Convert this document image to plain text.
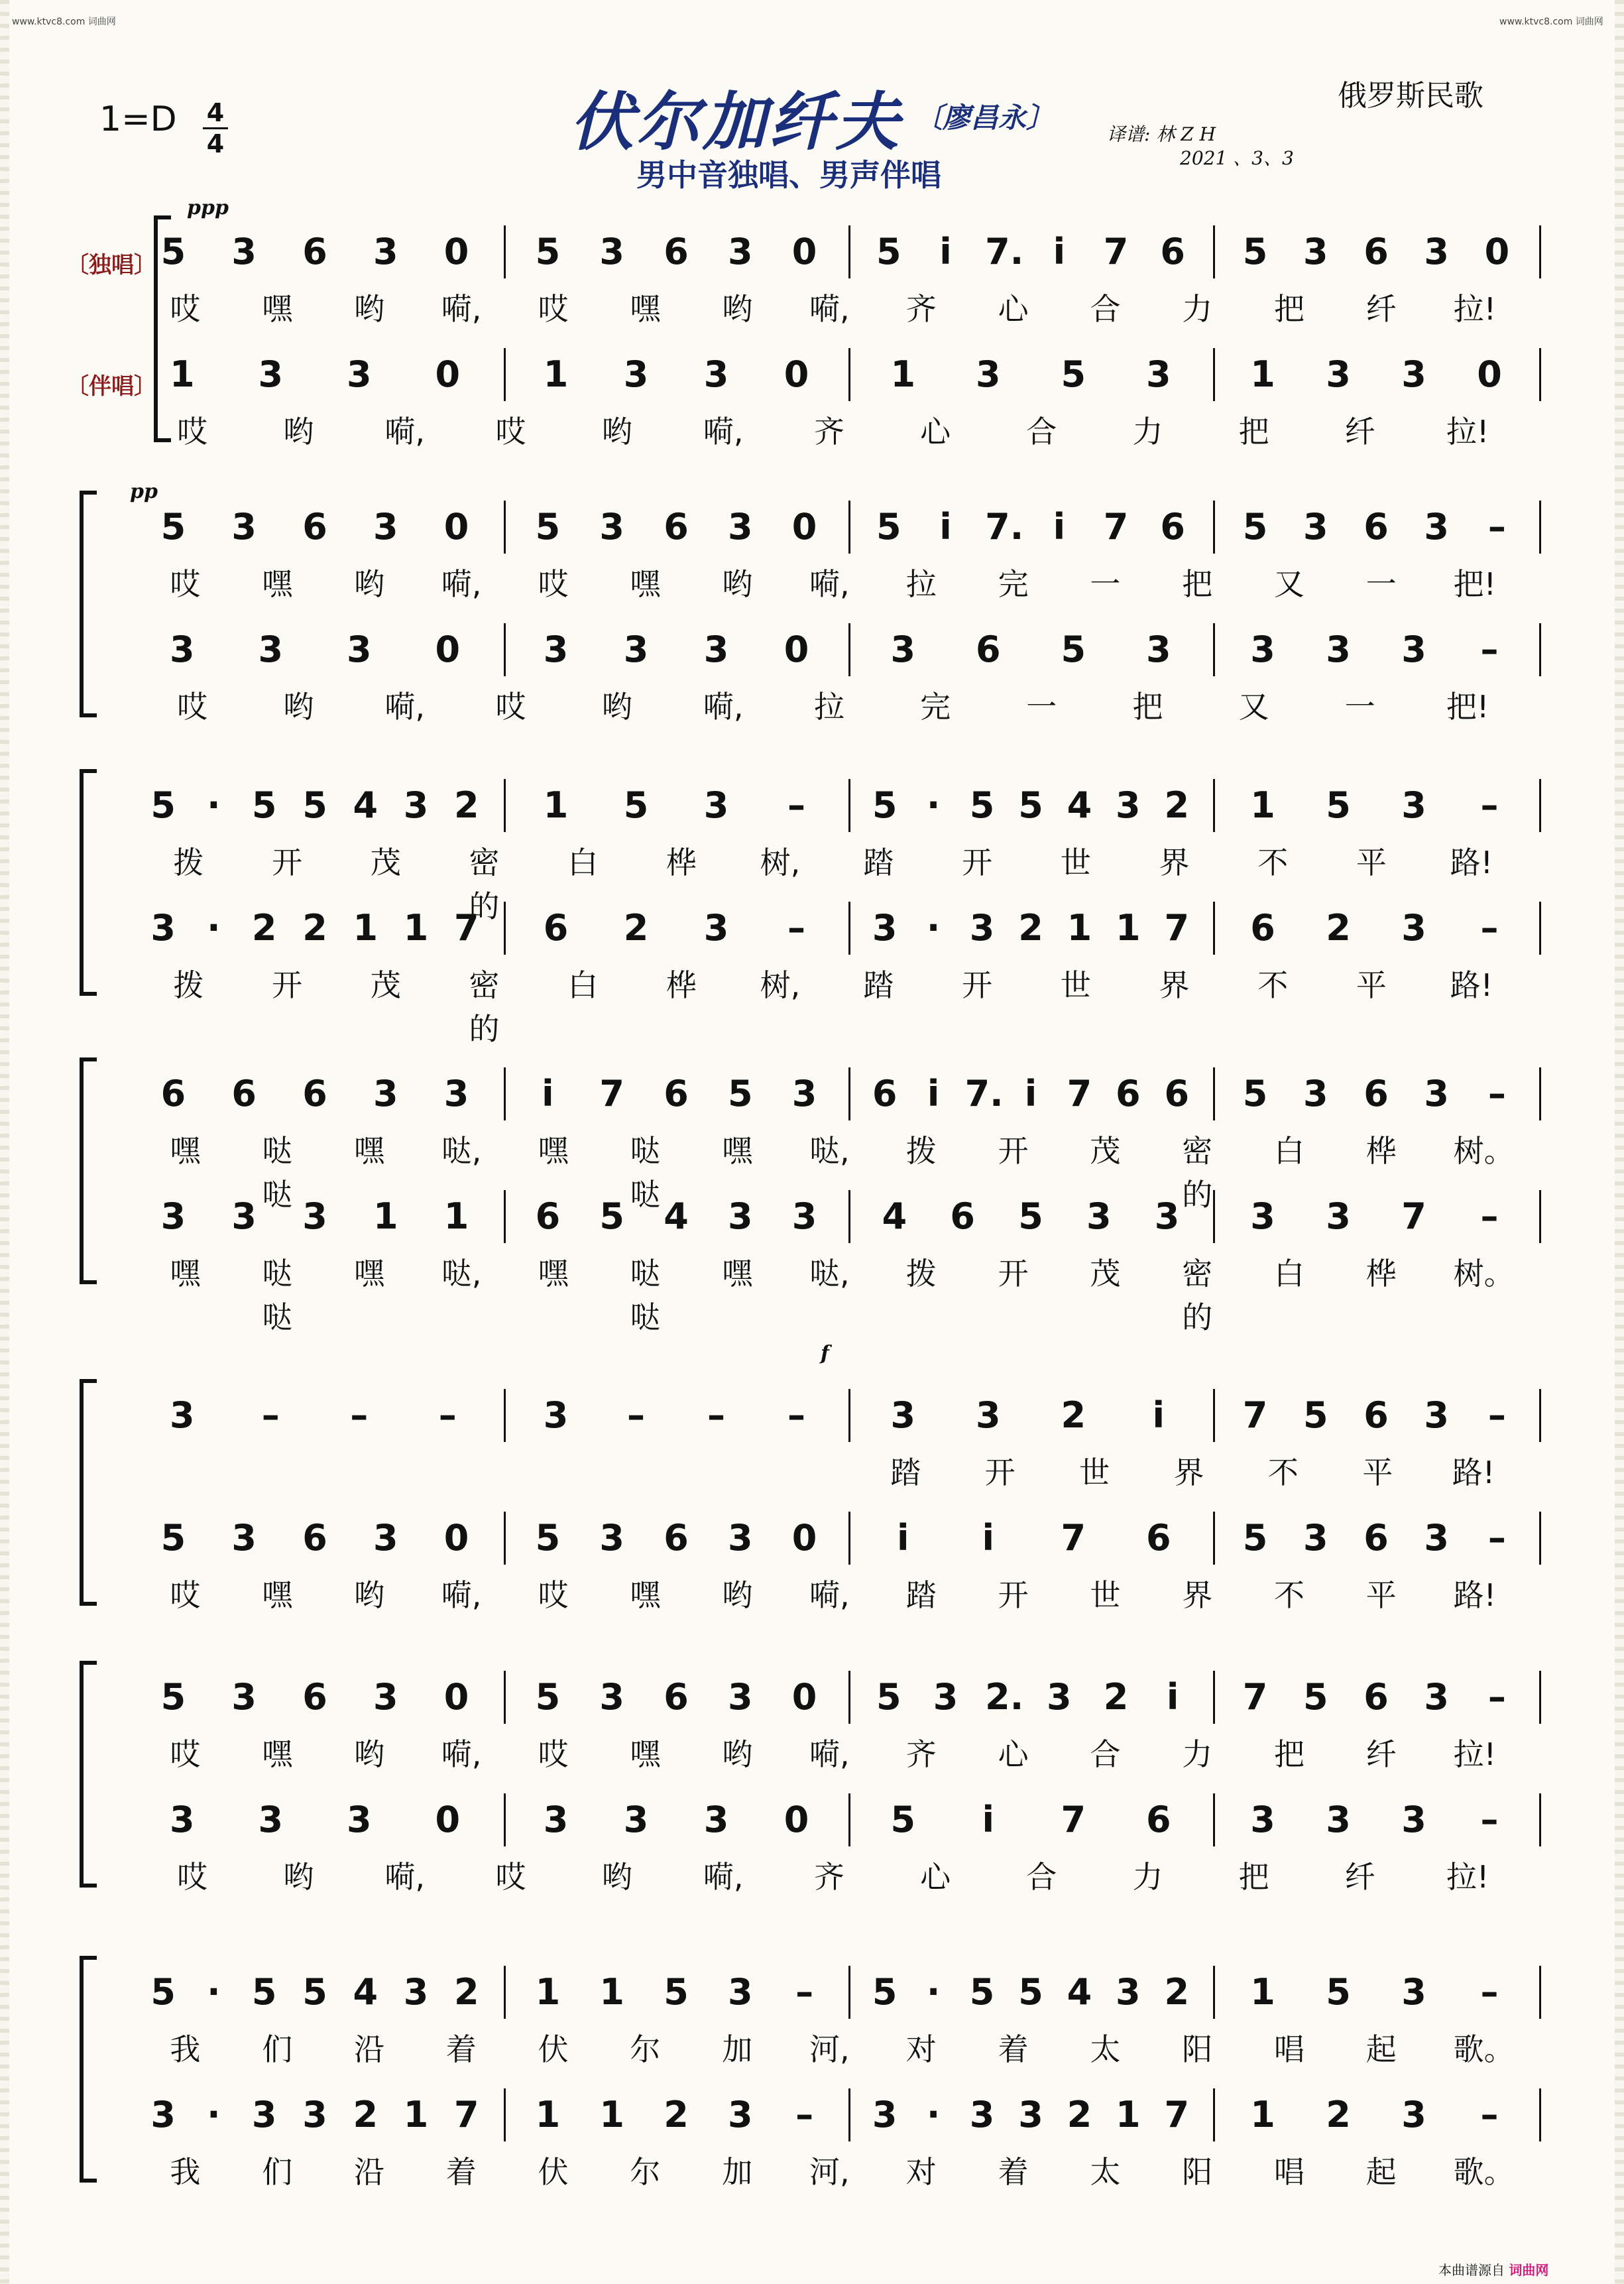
www.ktvc8.com 词曲网	www.ktvc8.com 词曲网
1=D	4
4	伏尔加纤夫 〔廖昌永〕
男中音独唱、男声伴唱
俄罗斯民歌
译谱: 林 Z H
2021 、3、3
〔独唱〕
〔伴唱〕
ppp
pp
f
5 3 6 3 0 5 3 6 3 0 5	i 7. i	7 6 5 3 6 3 0
哎 嘿 哟 嗬, 哎 嘿 哟 嗬, 齐 心 合 力 把 纤 拉!
1 3 3 0 1 3 3 0 1 3 5 3 1 3 3 0
哎 哟 嗬, 哎 哟 嗬, 齐 心 合 力 把 纤 拉!
5 3 6 3 0 5 3 6 3 0 5	i 7. i	7 6 5 3 6 3 –
哎 嘿 哟 嗬, 哎 嘿 哟 嗬, 拉 完 一 把 又 一 把!
3 3 3 0 3 3 3 0 3 6 5 3 3 3 3 –
哎 哟 嗬, 哎 哟 嗬, 拉 完 一 把 又 一 把!
5 · 5 5 4 3 2 1 5 3 – 5 · 5 5 4 3 2 1 5 3 –
拨 开 茂 密的
白 桦 树, 踏 开 世 界 不 平 路!
3 · 2 2 1 1 7 6 2 3 – 3 · 3 2 1 1 7 6 2 3 –
拨 开 茂 密的
白 桦 树, 踏 开 世 界 不 平 路!
6 6 6 3 3	i	7 6 5 3 6 i 7. i 7 6 6 5 3 6 3 –
嘿 哒哒
嘿 哒, 嘿 哒哒
嘿 哒, 拨 开 茂 密的
白 桦 树。
3 3 3 1 1 6 5 4 3 3 4 6 5 3 3 3 3 7 –
嘿 哒哒
嘿 哒, 嘿 哒哒
嘿 哒, 拨 开 茂 密的
白 桦 树。
3 – – – 3 – – – 3 3 2	i	7 5 6 3 –
踏 开 世 界 不 平 路!
5 3 6 3 0 5 3 6 3 0	i	i	7 6 5 3 6 3 –
哎 嘿 哟 嗬, 哎 嘿 哟 嗬, 踏 开 世 界 不 平 路!
5 3 6 3 0 5 3 6 3 0 5 3 2. 3 2	i	7 5 6 3 –
哎 嘿 哟 嗬, 哎 嘿 哟 嗬, 齐 心 合 力 把 纤 拉!
3 3 3 0 3 3 3 0 5	i	7 6 3 3 3 –
哎 哟 嗬, 哎 哟 嗬, 齐 心 合 力 把 纤 拉!
5 · 5 5 4 3 2 1 1 5 3 – 5 · 5 5 4 3 2 1 5 3 –
我 们 沿 着 伏 尔 加 河, 对 着 太 阳 唱 起 歌。
3 · 3 3 2 1 7 1 1 2 3 – 3 · 3 3 2 1 7 1 2 3 –
我 们 沿 着 伏 尔 加 河, 对 着 太 阳 唱 起 歌。
本曲谱源自 词曲网
